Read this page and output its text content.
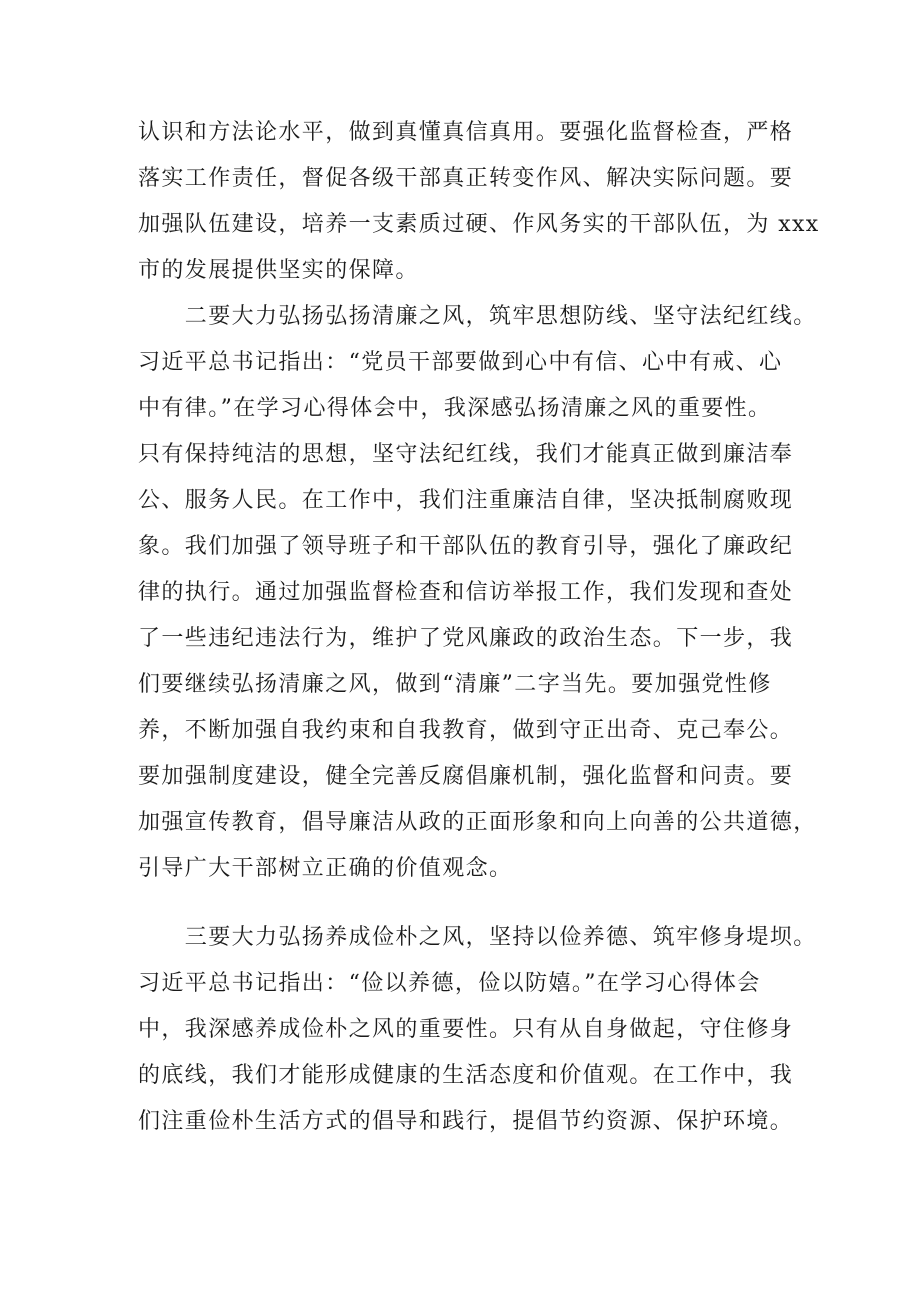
认识和方法论水平，做到真懂真信真用。要强化监督检查，严格
落实工作责任，督促各级干部真正转变作风、解决实际问题。要
加强队伍建设，培养一支素质过硬、作风务实的干部队伍，为 xxx
市的发展提供坚实的保障。
　　二要大力弘扬弘扬清廉之风，筑牢思想防线、坚守法纪红线。
习近平总书记指出：“党员干部要做到心中有信、心中有戒、心
中有律。”在学习心得体会中，我深感弘扬清廉之风的重要性。
只有保持纯洁的思想，坚守法纪红线，我们才能真正做到廉洁奉
公、服务人民。在工作中，我们注重廉洁自律，坚决抵制腐败现
象。我们加强了领导班子和干部队伍的教育引导，强化了廉政纪
律的执行。通过加强监督检查和信访举报工作，我们发现和查处
了一些违纪违法行为，维护了党风廉政的政治生态。下一步，我
们要继续弘扬清廉之风，做到“清廉”二字当先。要加强党性修
养，不断加强自我约束和自我教育，做到守正出奇、克己奉公。
要加强制度建设，健全完善反腐倡廉机制，强化监督和问责。要
加强宣传教育，倡导廉洁从政的正面形象和向上向善的公共道德，
引导广大干部树立正确的价值观念。
　　三要大力弘扬养成俭朴之风，坚持以俭养德、筑牢修身堤坝。
习近平总书记指出：“俭以养德，俭以防嬉。”在学习心得体会
中，我深感养成俭朴之风的重要性。只有从自身做起，守住修身
的底线，我们才能形成健康的生活态度和价值观。在工作中，我
们注重俭朴生活方式的倡导和践行，提倡节约资源、保护环境。
